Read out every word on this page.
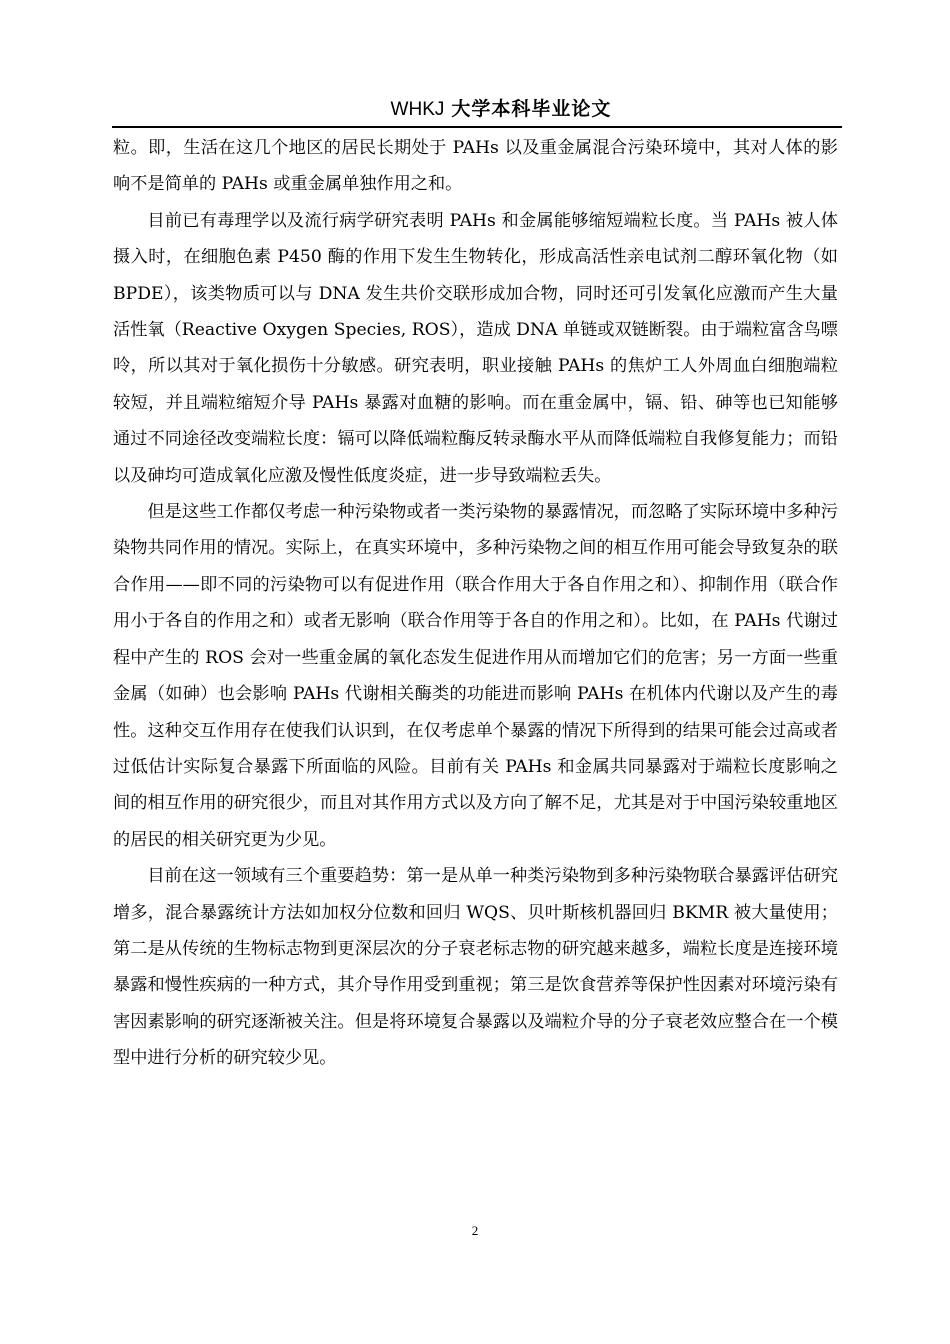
WHKJ 大学本科毕业论文

粒。即，生活在这几个地区的居民长期处于 PAHs 以及重金属混合污染环境中，其对人体的影响不是简单的 PAHs 或重金属单独作用之和。

目前已有毒理学以及流行病学研究表明 PAHs 和金属能够缩短端粒长度。当 PAHs 被人体摄入时，在细胞色素 P450 酶的作用下发生生物转化，形成高活性亲电试剂二醇环氧化物（如 BPDE），该类物质可以与 DNA 发生共价交联形成加合物，同时还可引发氧化应激而产生大量活性氧（Reactive Oxygen Species, ROS），造成 DNA 单链或双链断裂。由于端粒富含鸟嘌呤，所以其对于氧化损伤十分敏感。研究表明，职业接触 PAHs 的焦炉工人外周血白细胞端粒较短，并且端粒缩短介导 PAHs 暴露对血糖的影响。而在重金属中，镉、铅、砷等也已知能够通过不同途径改变端粒长度：镉可以降低端粒酶反转录酶水平从而降低端粒自我修复能力；而铅以及砷均可造成氧化应激及慢性低度炎症，进一步导致端粒丢失。

但是这些工作都仅考虑一种污染物或者一类污染物的暴露情况，而忽略了实际环境中多种污染物共同作用的情况。实际上，在真实环境中，多种污染物之间的相互作用可能会导致复杂的联合作用——即不同的污染物可以有促进作用（联合作用大于各自作用之和）、抑制作用（联合作用小于各自的作用之和）或者无影响（联合作用等于各自的作用之和）。比如，在 PAHs 代谢过程中产生的 ROS 会对一些重金属的氧化态发生促进作用从而增加它们的危害；另一方面一些重金属（如砷）也会影响 PAHs 代谢相关酶类的功能进而影响 PAHs 在机体内代谢以及产生的毒性。这种交互作用存在使我们认识到，在仅考虑单个暴露的情况下所得到的结果可能会过高或者过低估计实际复合暴露下所面临的风险。目前有关 PAHs 和金属共同暴露对于端粒长度影响之间的相互作用的研究很少，而且对其作用方式以及方向了解不足，尤其是对于中国污染较重地区的居民的相关研究更为少见。

目前在这一领域有三个重要趋势：第一是从单一种类污染物到多种污染物联合暴露评估研究增多，混合暴露统计方法如加权分位数和回归 WQS、贝叶斯核机器回归 BKMR 被大量使用；第二是从传统的生物标志物到更深层次的分子衰老标志物的研究越来越多，端粒长度是连接环境暴露和慢性疾病的一种方式，其介导作用受到重视；第三是饮食营养等保护性因素对环境污染有害因素影响的研究逐渐被关注。但是将环境复合暴露以及端粒介导的分子衰老效应整合在一个模型中进行分析的研究较少见。

2
